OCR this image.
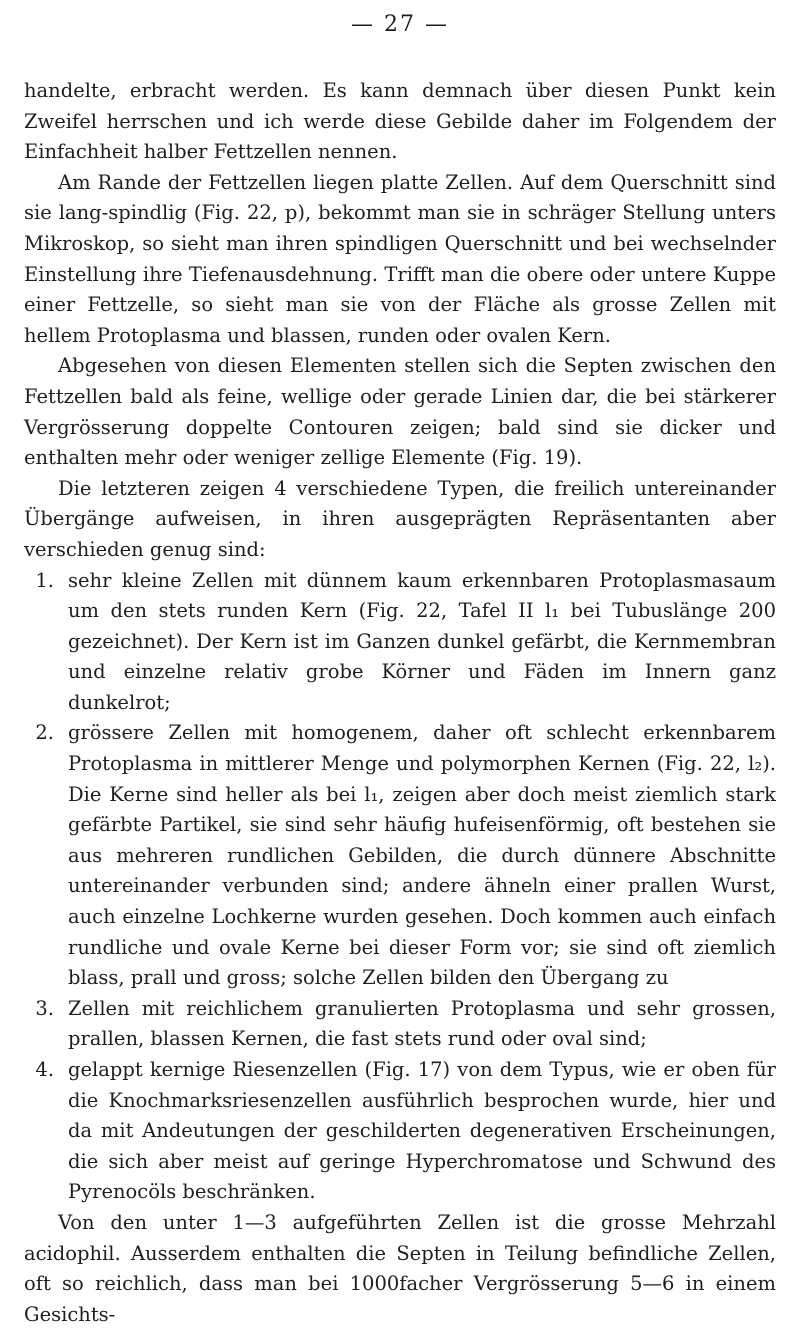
— 27 —

handelte, erbracht werden. Es kann demnach über diesen Punkt kein Zweifel herrschen und ich werde diese Gebilde daher im Folgendem der Einfachheit halber Fettzellen nennen.

Am Rande der Fettzellen liegen platte Zellen. Auf dem Querschnitt sind sie lang-spindlig (Fig. 22, p), bekommt man sie in schräger Stellung unters Mikroskop, so sieht man ihren spindligen Querschnitt und bei wechselnder Einstellung ihre Tiefenausdehnung. Trifft man die obere oder untere Kuppe einer Fettzelle, so sieht man sie von der Fläche als grosse Zellen mit hellem Protoplasma und blassen, runden oder ovalen Kern.

Abgesehen von diesen Elementen stellen sich die Septen zwischen den Fettzellen bald als feine, wellige oder gerade Linien dar, die bei stärkerer Vergrösserung doppelte Contouren zeigen; bald sind sie dicker und enthalten mehr oder weniger zellige Elemente (Fig. 19).

Die letzteren zeigen 4 verschiedene Typen, die freilich untereinander Übergänge aufweisen, in ihren ausgeprägten Repräsentanten aber verschieden genug sind:

1. sehr kleine Zellen mit dünnem kaum erkennbaren Protoplasmasaum um den stets runden Kern (Fig. 22, Tafel II l₁ bei Tubuslänge 200 gezeichnet). Der Kern ist im Ganzen dunkel gefärbt, die Kernmembran und einzelne relativ grobe Körner und Fäden im Innern ganz dunkelrot;
2. grössere Zellen mit homogenem, daher oft schlecht erkennbarem Protoplasma in mittlerer Menge und polymorphen Kernen (Fig. 22, l₂). Die Kerne sind heller als bei l₁, zeigen aber doch meist ziemlich stark gefärbte Partikel, sie sind sehr häufig hufeisenförmig, oft bestehen sie aus mehreren rundlichen Gebilden, die durch dünnere Abschnitte untereinander verbunden sind; andere ähneln einer prallen Wurst, auch einzelne Lochkerne wurden gesehen. Doch kommen auch einfach rundliche und ovale Kerne bei dieser Form vor; sie sind oft ziemlich blass, prall und gross; solche Zellen bilden den Übergang zu
3. Zellen mit reichlichem granulierten Protoplasma und sehr grossen, prallen, blassen Kernen, die fast stets rund oder oval sind;
4. gelappt kernige Riesenzellen (Fig. 17) von dem Typus, wie er oben für die Knochmarksriesenzellen ausführlich besprochen wurde, hier und da mit Andeutungen der geschilderten degenerativen Erscheinungen, die sich aber meist auf geringe Hyperchromatose und Schwund des Pyrenocöls beschränken.

Von den unter 1—3 aufgeführten Zellen ist die grosse Mehrzahl acidophil. Ausserdem enthalten die Septen in Teilung befindliche Zellen, oft so reichlich, dass man bei 1000facher Vergrösserung 5—6 in einem Gesichts-
